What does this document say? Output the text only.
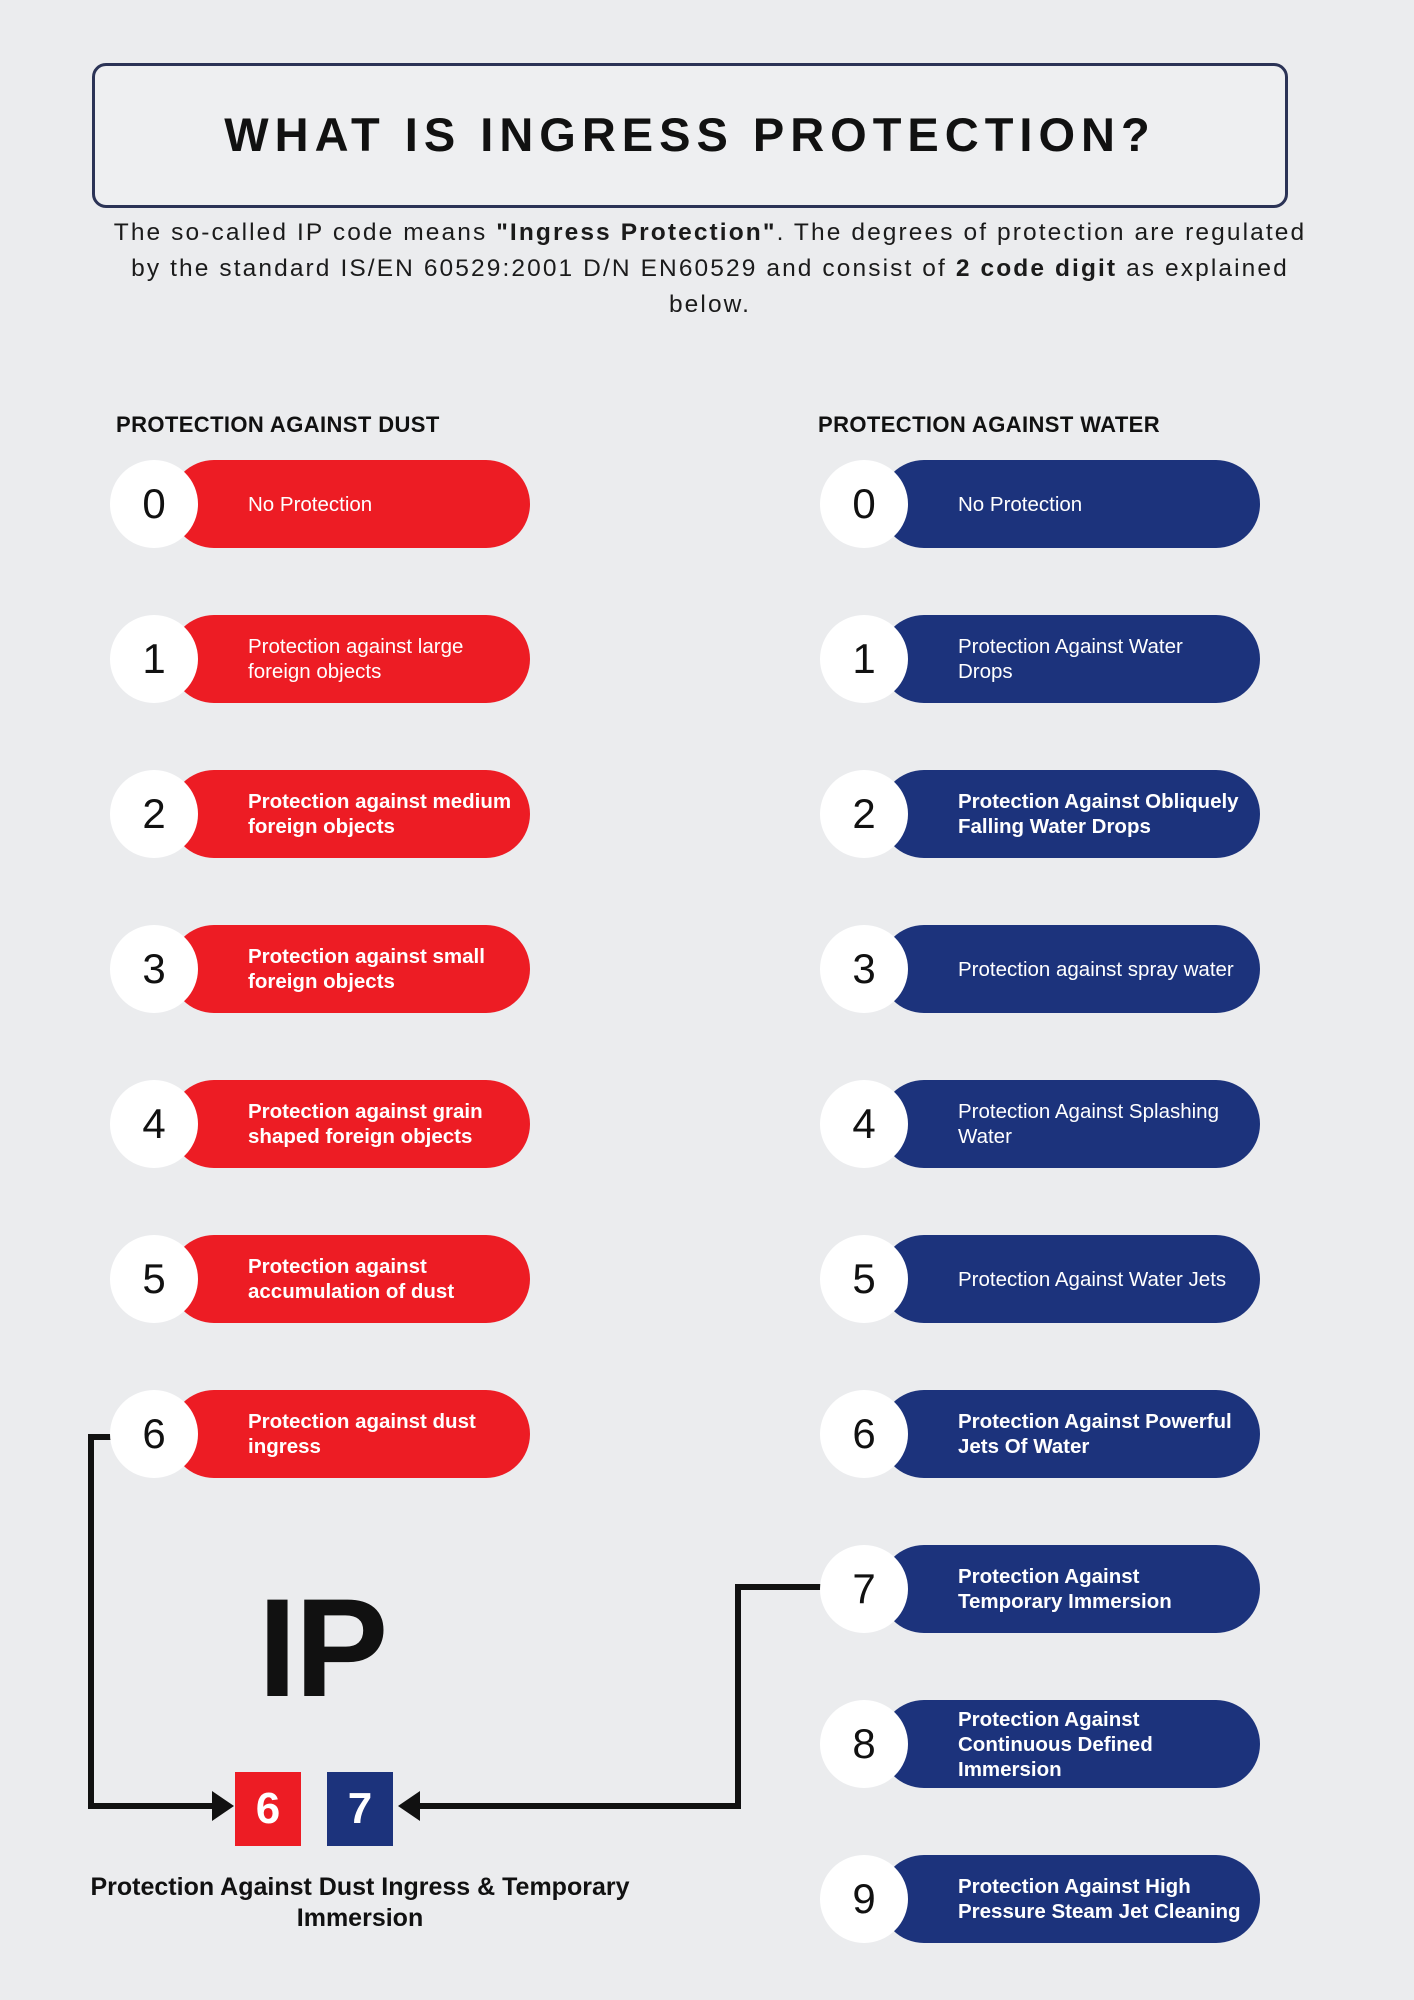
WHAT IS INGRESS PROTECTION?
The so-called IP code means "Ingress Protection". The degrees of protection are regulated by the standard IS/EN 60529:2001 D/N EN60529 and consist of 2 code digit as explained below.
PROTECTION AGAINST DUST	PROTECTION AGAINST WATER
No Protection
0
Protection against large foreign objects
1
Protection against medium foreign objects
2
Protection against small foreign objects
3
Protection against grain shaped foreign objects
4
Protection against accumulation of dust
5
Protection against dust ingress
6
No Protection
0
Protection Against Water Drops
1
Protection Against Obliquely Falling Water Drops
2
Protection against spray water
3
Protection Against Splashing Water
4
Protection Against Water Jets
5
Protection Against Powerful Jets Of Water
6
Protection Against Temporary Immersion
7
Protection Against Continuous Defined Immersion
8
Protection Against High Pressure Steam Jet Cleaning
9
IP
6	7
Protection Against Dust Ingress & Temporary Immersion
